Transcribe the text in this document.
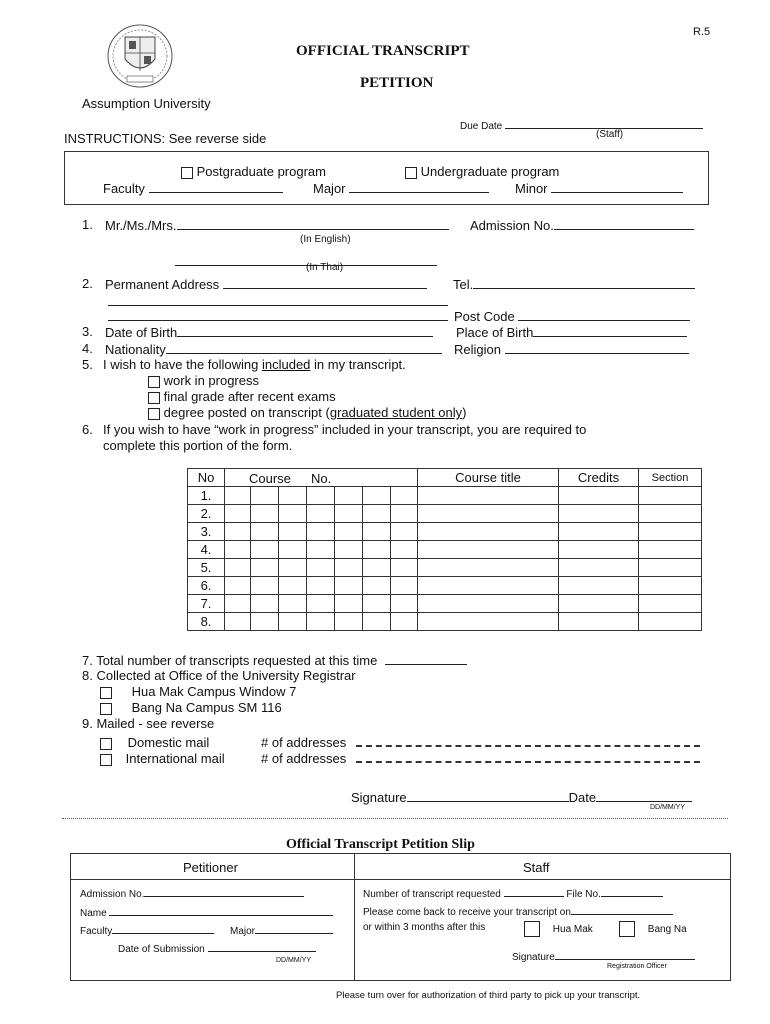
R.5
OFFICIAL TRANSCRIPT
PETITION
Assumption University
Due Date
(Staff)
INSTRUCTIONS: See reverse side
Postgraduate program	Undergraduate program
Faculty	Major	Minor
1. Mr./Ms./Mrs.	Admission No.
(In English)
(In Thai)
2. Permanent Address	Tel.
Post Code
3. Date of Birth	Place of Birth
4. Nationality	Religion
5. I wish to have the following included in my transcript.
work in progress
final grade after recent exams
degree posted on transcript (graduated student only)
6. If you wish to have “work in progress” included in your transcript, you are required to
complete this portion of the form.
No	Course No.							Course title	Credits	Section
1.										
2.										
3.										
4.										
5.										
6.										
7.										
8.										
7. Total number of transcripts requested at this time
8. Collected at Office of the University Registrar
Hua Mak Campus Window 7
Bang Na Campus SM 116
9. Mailed - see reverse
Domestic mail	# of addresses
International mail	# of addresses
Signature	Date
DD/MM/YY
Official Transcript Petition Slip
Petitioner	Staff
Admission No.
Name
Faculty	Major
Date of Submission
DD/MM/YY
Number of transcript requested	File No.
Please come back to receive your transcript on
or within 3 months after this	Hua Mak	Bang Na
Signature
Registration Officer
Please turn over for authorization of third party to pick up your transcript.
